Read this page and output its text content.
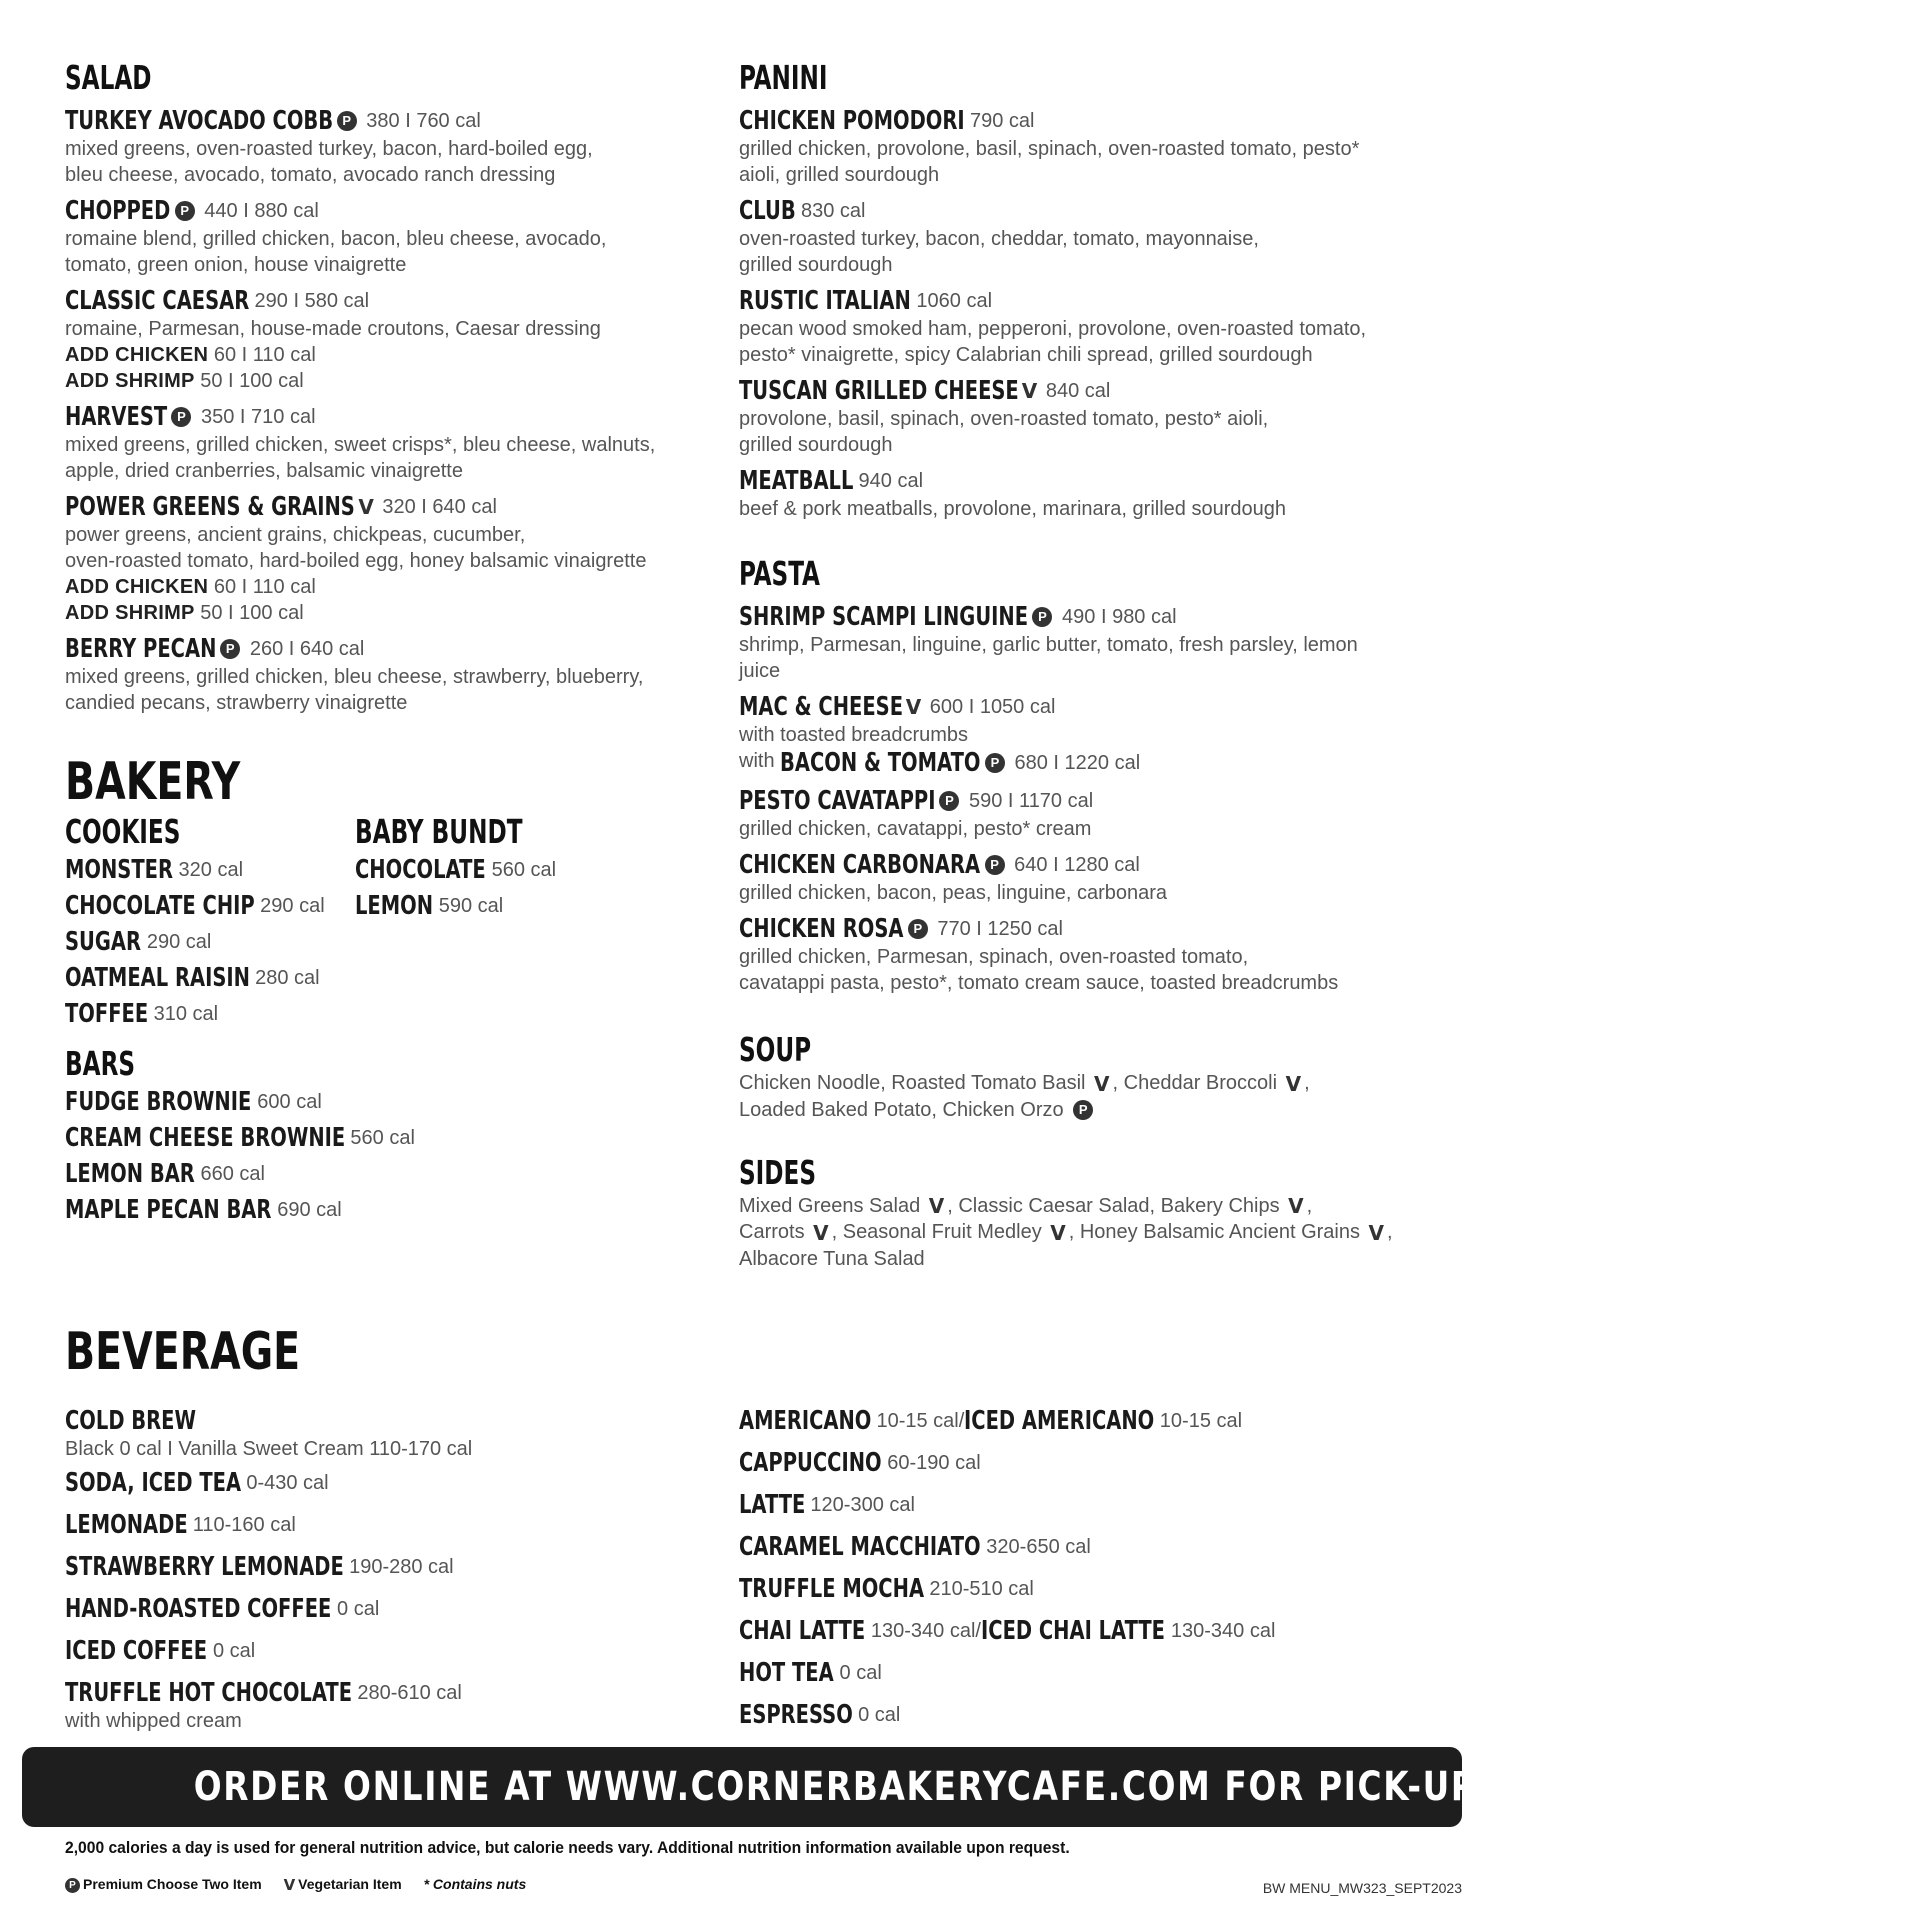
SALAD
TURKEY AVOCADO COBB P 380 I 760 cal
mixed greens, oven-roasted turkey, bacon, hard-boiled egg,
bleu cheese, avocado, tomato, avocado ranch dressing
CHOPPED P 440 I 880 cal
romaine blend, grilled chicken, bacon, bleu cheese, avocado,
tomato, green onion, house vinaigrette
CLASSIC CAESAR 290 I 580 cal
romaine, Parmesan, house-made croutons, Caesar dressing
ADD CHICKEN 60 I 110 cal
ADD SHRIMP 50 I 100 cal
HARVEST P 350 I 710 cal
mixed greens, grilled chicken, sweet crisps*, bleu cheese, walnuts,
apple, dried cranberries, balsamic vinaigrette
POWER GREENS & GRAINS V 320 I 640 cal
power greens, ancient grains, chickpeas, cucumber,
oven-roasted tomato, hard-boiled egg, honey balsamic vinaigrette
ADD CHICKEN 60 I 110 cal
ADD SHRIMP 50 I 100 cal
BERRY PECAN P 260 I 640 cal
mixed greens, grilled chicken, bleu cheese, strawberry, blueberry,
candied pecans, strawberry vinaigrette
BAKERY
COOKIES
MONSTER 320 cal
CHOCOLATE CHIP 290 cal
SUGAR 290 cal
OATMEAL RAISIN 280 cal
TOFFEE 310 cal
BARS
FUDGE BROWNIE 600 cal
CREAM CHEESE BROWNIE 560 cal
LEMON BAR 660 cal
MAPLE PECAN BAR 690 cal
BABY BUNDT
CHOCOLATE 560 cal
LEMON 590 cal
PANINI
CHICKEN POMODORI 790 cal
grilled chicken, provolone, basil, spinach, oven-roasted tomato, pesto*
aioli, grilled sourdough
CLUB 830 cal
oven-roasted turkey, bacon, cheddar, tomato, mayonnaise,
grilled sourdough
RUSTIC ITALIAN 1060 cal
pecan wood smoked ham, pepperoni, provolone, oven-roasted tomato,
pesto* vinaigrette, spicy Calabrian chili spread, grilled sourdough
TUSCAN GRILLED CHEESE V 840 cal
provolone, basil, spinach, oven-roasted tomato, pesto* aioli,
grilled sourdough
MEATBALL 940 cal
beef & pork meatballs, provolone, marinara, grilled sourdough
PASTA
SHRIMP SCAMPI LINGUINE P 490 I 980 cal
shrimp, Parmesan, linguine, garlic butter, tomato, fresh parsley, lemon
juice
MAC & CHEESE V 600 I 1050 cal
with toasted breadcrumbs
with BACON & TOMATO P 680 I 1220 cal
PESTO CAVATAPPI P 590 I 1170 cal
grilled chicken, cavatappi, pesto* cream
CHICKEN CARBONARA P 640 I 1280 cal
grilled chicken, bacon, peas, linguine, carbonara
CHICKEN ROSA P 770 I 1250 cal
grilled chicken, Parmesan, spinach, oven-roasted tomato,
cavatappi pasta, pesto*, tomato cream sauce, toasted breadcrumbs
SOUP
Chicken Noodle, Roasted Tomato Basil V , Cheddar Broccoli V ,
Loaded Baked Potato, Chicken Orzo P
SIDES
Mixed Greens Salad V , Classic Caesar Salad, Bakery Chips V ,
Carrots V , Seasonal Fruit Medley V , Honey Balsamic Ancient Grains V ,
Albacore Tuna Salad
BEVERAGE
COLD BREW
Black 0 cal I Vanilla Sweet Cream 110-170 cal
SODA, ICED TEA 0-430 cal
LEMONADE 110-160 cal
STRAWBERRY LEMONADE 190-280 cal
HAND-ROASTED COFFEE 0 cal
ICED COFFEE 0 cal
TRUFFLE HOT CHOCOLATE 280-610 cal
with whipped cream
AMERICANO 10-15 cal/ICED AMERICANO 10-15 cal
CAPPUCCINO 60-190 cal
LATTE 120-300 cal
CARAMEL MACCHIATO 320-650 cal
TRUFFLE MOCHA 210-510 cal
CHAI LATTE 130-340 cal/ICED CHAI LATTE 130-340 cal
HOT TEA 0 cal
ESPRESSO 0 cal
ORDER ONLINE AT WWW.CORNERBAKERYCAFE.COM FOR PICK-UP OR DELIVERY.
2,000 calories a day is used for general nutrition advice, but calorie needs vary. Additional nutrition information available upon request.
P Premium Choose Two Item V Vegetarian Item * Contains nuts	BW MENU_MW323_SEPT2023
